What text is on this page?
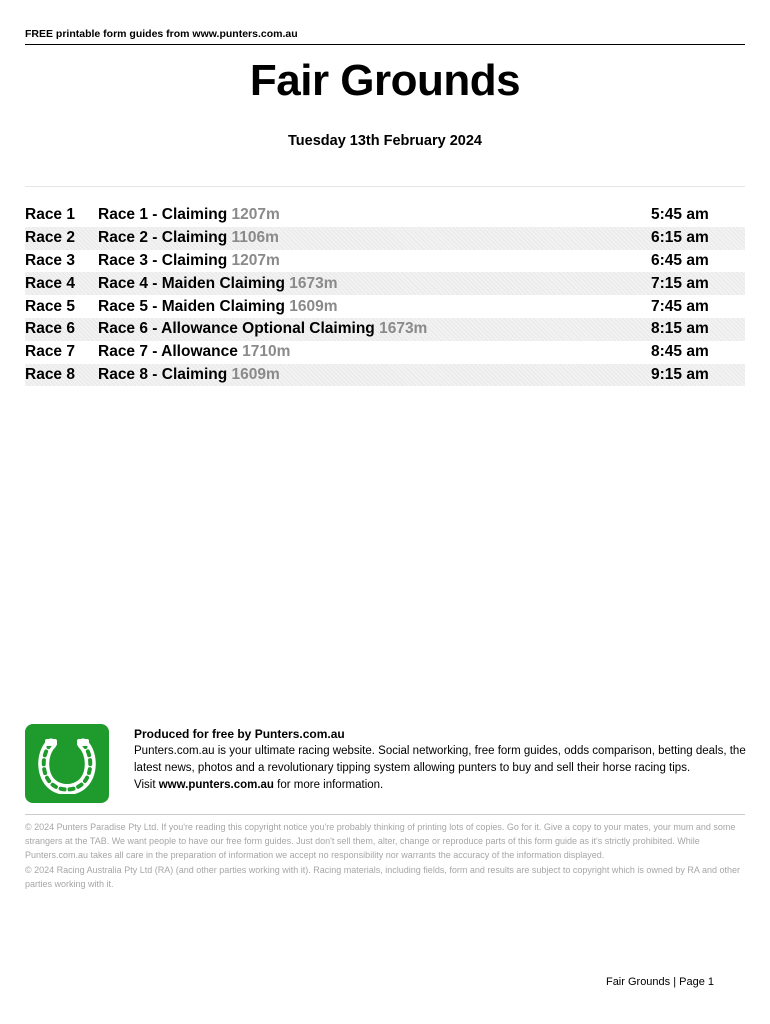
FREE printable form guides from www.punters.com.au
Fair Grounds
Tuesday 13th February 2024
Race 1	Race 1 - Claiming 1207m	5:45 am
Race 2	Race 2 - Claiming 1106m	6:15 am
Race 3	Race 3 - Claiming 1207m	6:45 am
Race 4	Race 4 - Maiden Claiming 1673m	7:15 am
Race 5	Race 5 - Maiden Claiming 1609m	7:45 am
Race 6	Race 6 - Allowance Optional Claiming 1673m	8:15 am
Race 7	Race 7 - Allowance 1710m	8:45 am
Race 8	Race 8 - Claiming 1609m	9:15 am
Produced for free by Punters.com.au
Punters.com.au is your ultimate racing website. Social networking, free form guides, odds comparison, betting deals, the latest news, photos and a revolutionary tipping system allowing punters to buy and sell their horse racing tips.
Visit www.punters.com.au for more information.
© 2024 Punters Paradise Pty Ltd. If you're reading this copyright notice you're probably thinking of printing lots of copies. Go for it. Give a copy to your mates, your mum and some strangers at the TAB. We want people to have our free form guides. Just don't sell them, alter, change or reproduce parts of this form guide as it's strictly prohibited. While Punters.com.au takes all care in the preparation of information we accept no responsibility nor warrants the accuracy of the information displayed.
© 2024 Racing Australia Pty Ltd (RA) (and other parties working with it). Racing materials, including fields, form and results are subject to copyright which is owned by RA and other parties working with it.
Fair Grounds | Page 1
